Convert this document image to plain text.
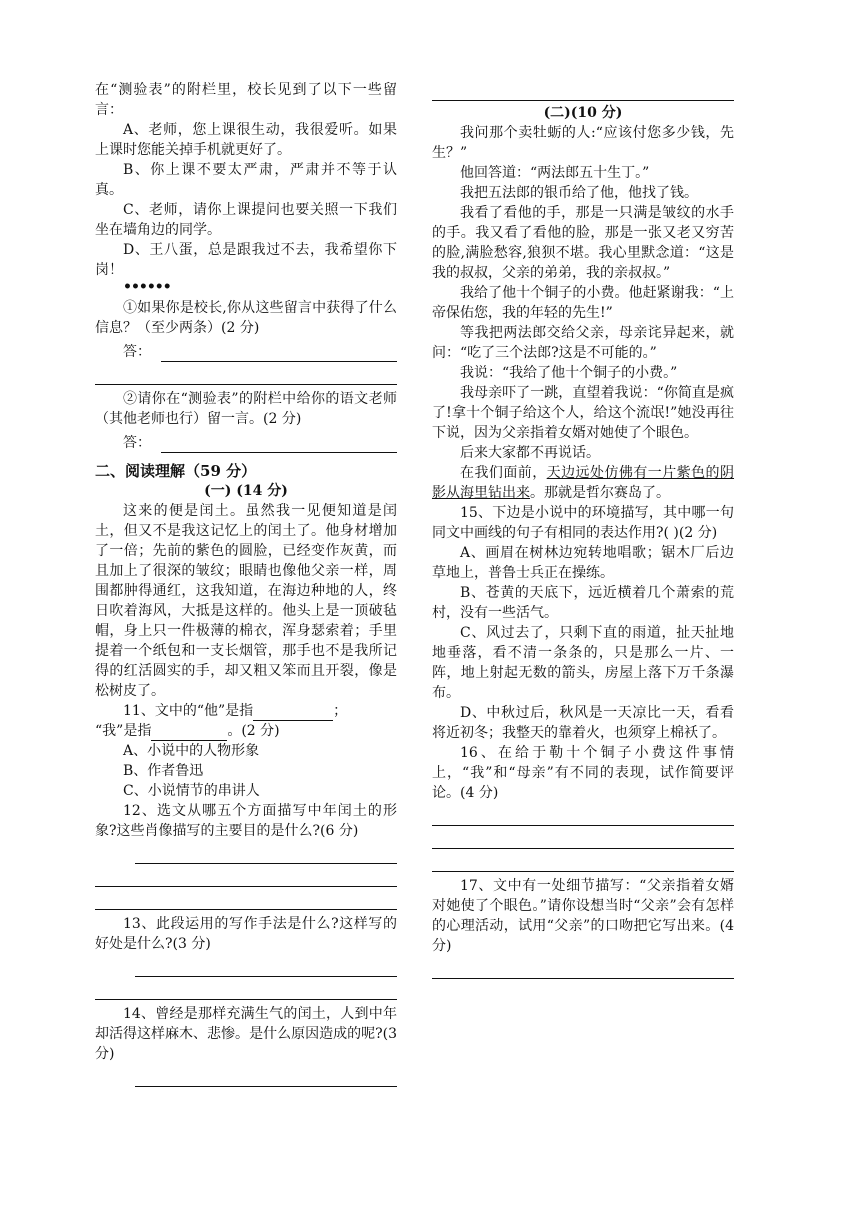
在“测验表”的附栏里，校长见到了以下一些留言：

A、老师，您上课很生动，我很爱听。如果上课时您能关掉手机就更好了。

B、你上课不要太严肃，严肃并不等于认真。

C、老师，请你上课提问也要关照一下我们坐在墙角边的同学。

D、王八蛋，总是跟我过不去，我希望你下岗！

••••••

①如果你是校长,你从这些留言中获得了什么信息？（至少两条）(2 分)

答：

②请你在“测验表”的附栏中给你的语文老师（其他老师也行）留一言。(2 分)

答：

二、阅读理解（59 分）

(一) (14 分)

这来的便是闰土。虽然我一见便知道是闰土，但又不是我这记忆上的闰土了。他身材增加了一倍；先前的紫色的圆脸，已经变作灰黄，而且加上了很深的皱纹；眼睛也像他父亲一样，周围都肿得通红，这我知道，在海边种地的人，终日吹着海风，大抵是这样的。他头上是一顶破毡帽，身上只一件极薄的棉衣，浑身瑟索着；手里提着一个纸包和一支长烟管，那手也不是我所记得的红活圆实的手，却又粗又笨而且开裂，像是松树皮了。

11、文中的“他”是指	；

“我”是指	。(2 分)

A、小说中的人物形象

B、作者鲁迅

C、小说情节的串讲人

12、选文从哪五个方面描写中年闰土的形象?这些肖像描写的主要目的是什么?(6 分)

13、此段运用的写作手法是什么?这样写的好处是什么?(3 分)

14、曾经是那样充满生气的闰土，人到中年却活得这样麻木、悲惨。是什么原因造成的呢?(3 分)

(二)(10 分)

我问那个卖牡蛎的人:“应该付您多少钱，先生？”

他回答道：“两法郎五十生丁。”

我把五法郎的银币给了他，他找了钱。

我看了看他的手，那是一只满是皱纹的水手的手。我又看了看他的脸，那是一张又老又穷苦的脸,满脸愁容,狼狈不堪。我心里默念道：“这是我的叔叔，父亲的弟弟，我的亲叔叔。”

我给了他十个铜子的小费。他赶紧谢我：“上帝保佑您，我的年轻的先生!”

等我把两法郎交给父亲，母亲诧异起来，就问：“吃了三个法郎?这是不可能的。”

我说：“我给了他十个铜子的小费。”

我母亲吓了一跳，直望着我说：“你简直是疯了!拿十个铜子给这个人，给这个流氓!”她没再往下说，因为父亲指着女婿对她使了个眼色。

后来大家都不再说话。

在我们面前，天边远处仿佛有一片紫色的阴影从海里钻出来。那就是哲尔赛岛了。

15、下边是小说中的环境描写，其中哪一句同文中画线的句子有相同的表达作用?( )(2 分)

A、画眉在树林边宛转地唱歌；锯木厂后边草地上，普鲁士兵正在操练。

B、苍黄的天底下，远近横着几个萧索的荒村，没有一些活气。

C、风过去了，只剩下直的雨道，扯天扯地地垂落，看不清一条条的，只是那么一片、一阵，地上射起无数的箭头，房屋上落下万千条瀑布。

D、中秋过后，秋风是一天凉比一天，看看将近初冬；我整天的靠着火，也须穿上棉袄了。

16、在给于勒十个铜子小费这件事情上，“我”和“母亲”有不同的表现，试作简要评论。(4 分)

17、文中有一处细节描写：“父亲指着女婿对她使了个眼色。”请你设想当时“父亲”会有怎样的心理活动，试用“父亲”的口吻把它写出来。(4 分)
